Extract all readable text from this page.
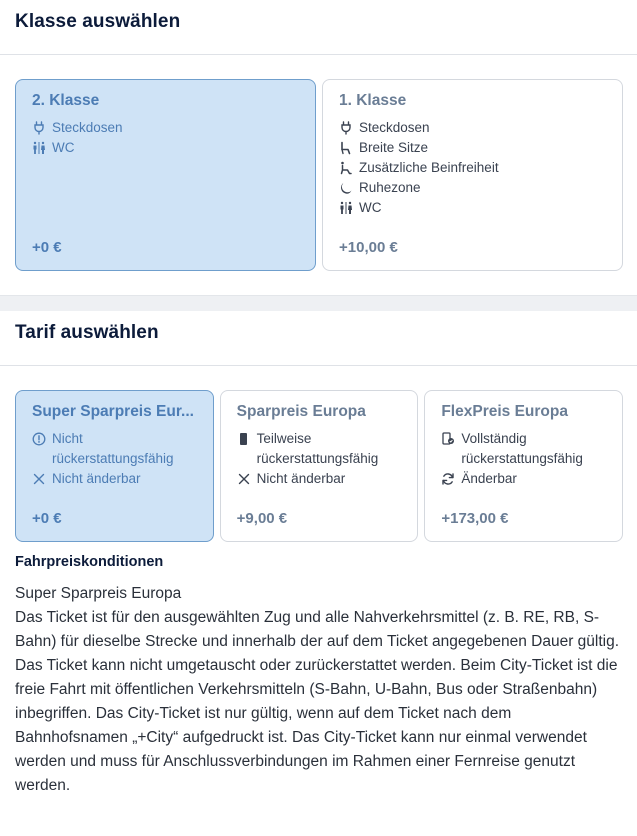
Klasse auswählen
2. Klasse
Steckdosen
WC
+0 €
1. Klasse
Steckdosen
Breite Sitze
Zusätzliche Beinfreiheit
Ruhezone
WC
+10,00 €
Tarif auswählen
Super Sparpreis Eur...
Nicht rückerstattungsfähig
Nicht änderbar
+0 €
Sparpreis Europa
Teilweise rückerstattungsfähig
Nicht änderbar
+9,00 €
FlexPreis Europa
Vollständig rückerstattungsfähig
Änderbar
+173,00 €
Fahrpreiskonditionen

Super Sparpreis Europa

Das Ticket ist für den ausgewählten Zug und alle Nahverkehrsmittel (z. B. RE, RB, S-Bahn) für dieselbe Strecke und innerhalb der auf dem Ticket angegebenen Dauer gültig.

Das Ticket kann nicht umgetauscht oder zurückerstattet werden. Beim City-Ticket ist die freie Fahrt mit öffentlichen Verkehrsmitteln (S-Bahn, U-Bahn, Bus oder Straßenbahn) inbegriffen. Das City-Ticket ist nur gültig, wenn auf dem Ticket nach dem Bahnhofsnamen „+City“ aufgedruckt ist. Das City-Ticket kann nur einmal verwendet werden und muss für Anschlussverbindungen im Rahmen einer Fernreise genutzt werden.
